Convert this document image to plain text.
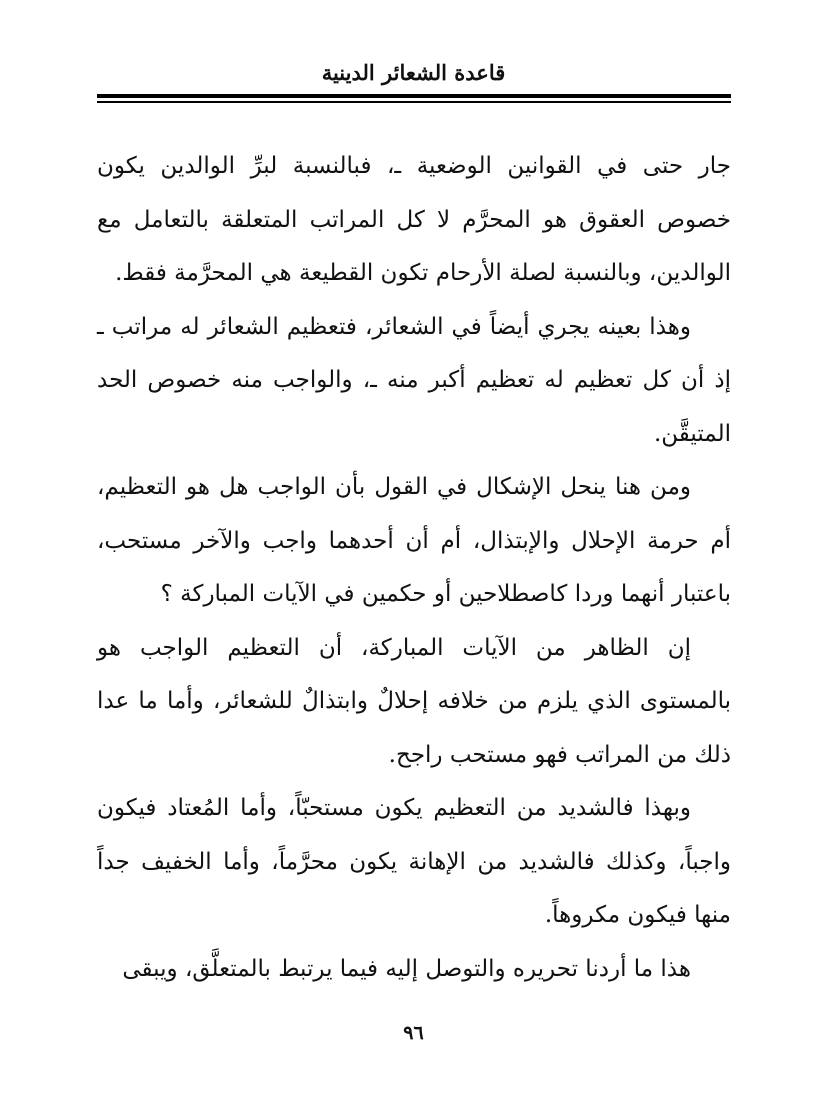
قاعدة الشعائر الدينية

جار حتى في القوانين الوضعية ـ، فبالنسبة لبرِّ الوالدين يكون خصوص العقوق هو المحرَّم لا كل المراتب المتعلقة بالتعامل مع الوالدين، وبالنسبة لصلة الأرحام تكون القطيعة هي المحرَّمة فقط.

وهذا بعينه يجري أيضاً في الشعائر، فتعظيم الشعائر له مراتب ـ إذ أن كل تعظيم له تعظيم أكبر منه ـ، والواجب منه خصوص الحد المتيقَّن.

ومن هنا ينحل الإشكال في القول بأن الواجب هل هو التعظيم، أم حرمة الإحلال والإبتذال، أم أن أحدهما واجب والآخر مستحب، باعتبار أنهما وردا كاصطلاحين أو حكمين في الآيات المباركة ؟

إن الظاهر من الآيات المباركة، أن التعظيم الواجب هو بالمستوى الذي يلزم من خلافه إحلالٌ وابتذالٌ للشعائر، وأما ما عدا ذلك من المراتب فهو مستحب راجح.

وبهذا فالشديد من التعظيم يكون مستحبّاً، وأما المُعتاد فيكون واجباً، وكذلك فالشديد من الإهانة يكون محرَّماً، وأما الخفيف جداً منها فيكون مكروهاً.

هذا ما أردنا تحريره والتوصل إليه فيما يرتبط بالمتعلَّق، ويبقى

٩٦
